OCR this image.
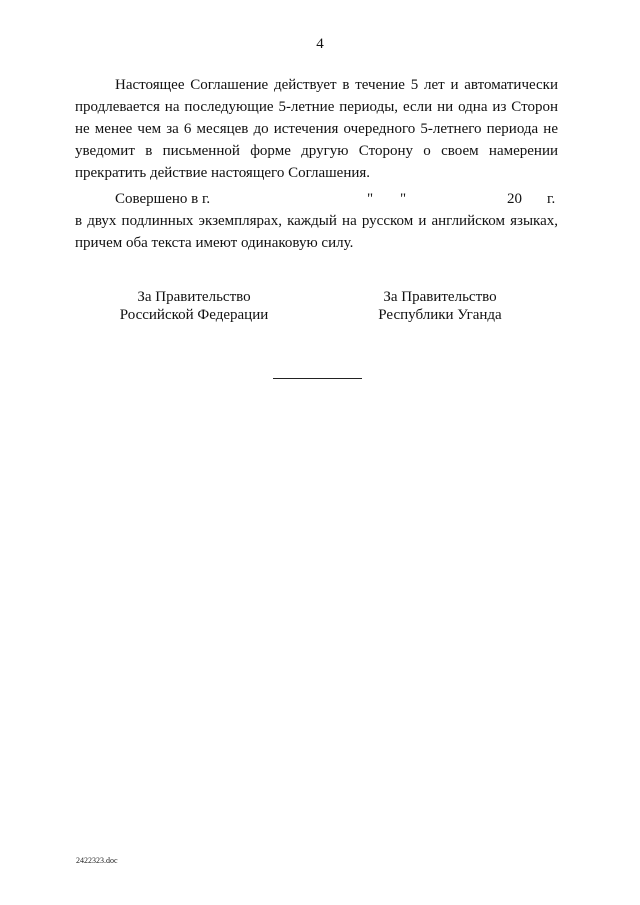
4

Настоящее Соглашение действует в течение 5 лет и автоматически продлевается на последующие 5-летние периоды, если ни одна из Сторон не менее чем за 6 месяцев до истечения очередного 5-летнего периода не уведомит в письменной форме другую Сторону о своем намерении прекратить действие настоящего Соглашения.

Совершено в г.	" "	20 г.

в двух подлинных экземплярах, каждый на русском и английском языках, причем оба текста имеют одинаковую силу.

За Правительство
Российской Федерации
За Правительство
Республики Уганда
2422323.doc
